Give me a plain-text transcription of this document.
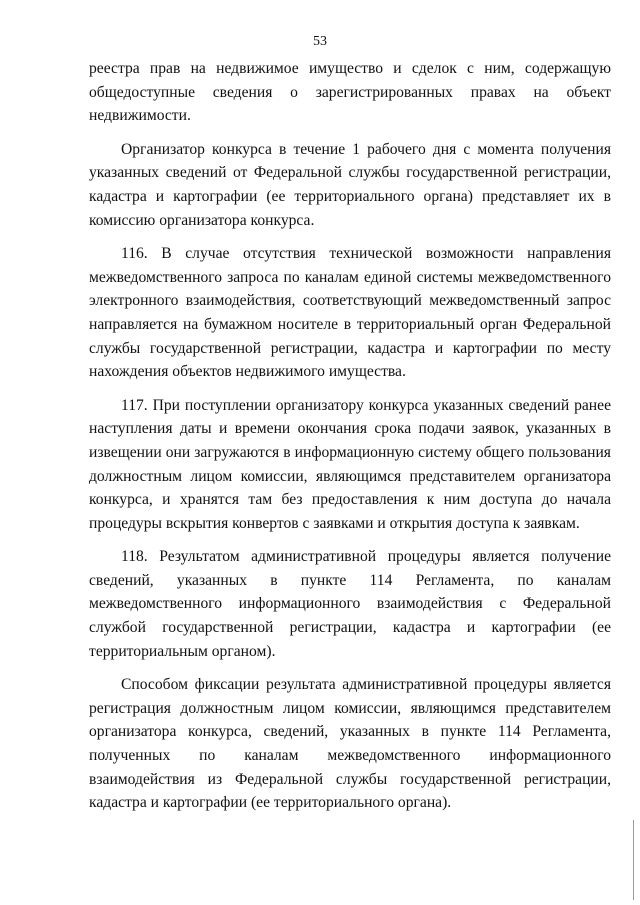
53

реестра прав на недвижимое имущество и сделок с ним, содержащую общедоступные сведения о зарегистрированных правах на объект недвижимости.

Организатор конкурса в течение 1 рабочего дня с момента получения указанных сведений от Федеральной службы государственной регистрации, кадастра и картографии (ее территориального органа) представляет их в комиссию организатора конкурса.

116. В случае отсутствия технической возможности направления межведомственного запроса по каналам единой системы межведомственного электронного взаимодействия, соответствующий межведомственный запрос направляется на бумажном носителе в территориальный орган Федеральной службы государственной регистрации, кадастра и картографии по месту нахождения объектов недвижимого имущества.

117. При поступлении организатору конкурса указанных сведений ранее наступления даты и времени окончания срока подачи заявок, указанных в извещении они загружаются в информационную систему общего пользования должностным лицом комиссии, являющимся представителем организатора конкурса, и хранятся там без предоставления к ним доступа до начала процедуры вскрытия конвертов с заявками и открытия доступа к заявкам.

118. Результатом административной процедуры является получение сведений, указанных в пункте 114 Регламента, по каналам межведомственного информационного взаимодействия с Федеральной службой государственной регистрации, кадастра и картографии (ее территориальным органом).

Способом фиксации результата административной процедуры является регистрация должностным лицом комиссии, являющимся представителем организатора конкурса, сведений, указанных в пункте 114 Регламента, полученных по каналам межведомственного информационного взаимодействия из Федеральной службы государственной регистрации, кадастра и картографии (ее территориального органа).
